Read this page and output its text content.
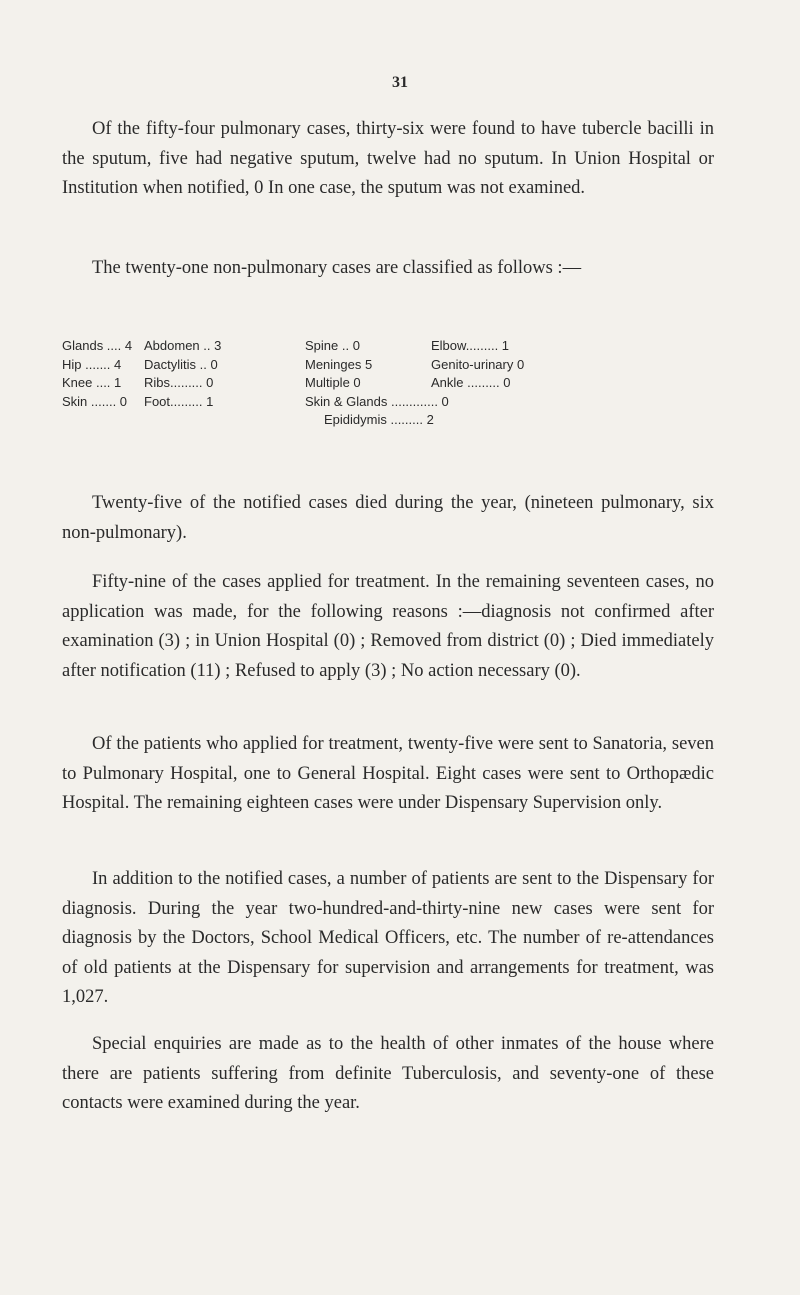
31

Of the fifty-four pulmonary cases, thirty-six were found to have tubercle bacilli in the sputum, five had negative sputum, twelve had no sputum. In Union Hospital or Institution when notified, 0 In one case, the sputum was not examined.

The twenty-one non-pulmonary cases are classified as follows :—

Glands .... 4 Abdomen .. 3	Spine .. 0	Elbow......... 1
Hip ....... 4 Dactylitis .. 0	Meninges 5	Genito-urinary 0
Knee .... 1 Ribs......... 0	Multiple 0	Ankle ......... 0
Skin ....... 0 Foot......... 1	Skin & Glands ............. 0
Epididymis ......... 2

Twenty-five of the notified cases died during the year, (nineteen pulmonary, six non-pulmonary).

Fifty-nine of the cases applied for treatment. In the remaining seventeen cases, no application was made, for the following reasons :—diagnosis not confirmed after examination (3) ; in Union Hospital (0) ; Removed from district (0) ; Died immediately after notification (11) ; Refused to apply (3) ; No action necessary (0).

Of the patients who applied for treatment, twenty-five were sent to Sanatoria, seven to Pulmonary Hospital, one to General Hospital. Eight cases were sent to Orthopædic Hospital. The remaining eighteen cases were under Dispensary Supervision only.

In addition to the notified cases, a number of patients are sent to the Dispensary for diagnosis. During the year two-hundred-and-thirty-nine new cases were sent for diagnosis by the Doctors, School Medical Officers, etc. The number of re-attendances of old patients at the Dispensary for supervision and arrangements for treatment, was 1,027.

Special enquiries are made as to the health of other inmates of the house where there are patients suffering from definite Tuberculosis, and seventy-one of these contacts were examined during the year.
